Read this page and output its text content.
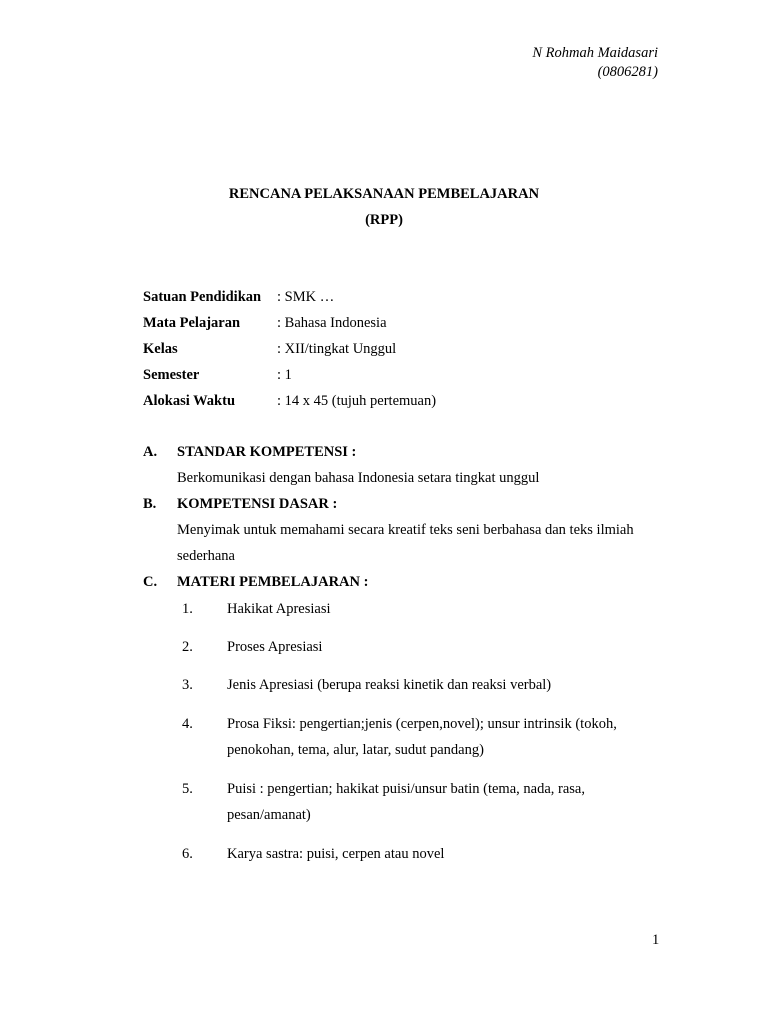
N Rohmah Maidasari
(0806281)
RENCANA PELAKSANAAN PEMBELAJARAN
(RPP)
Satuan Pendidikan : SMK …
Mata Pelajaran	: Bahasa Indonesia
Kelas	: XII/tingkat Unggul
Semester	: 1
Alokasi Waktu	: 14 x 45 (tujuh pertemuan)
A. STANDAR KOMPETENSI :
Berkomunikasi dengan bahasa Indonesia setara tingkat unggul
B. KOMPETENSI DASAR :
Menyimak untuk memahami secara kreatif teks seni berbahasa dan teks ilmiah
sederhana
C. MATERI PEMBELAJARAN :
1. Hakikat Apresiasi
2. Proses Apresiasi
3. Jenis Apresiasi (berupa reaksi kinetik dan reaksi verbal)
4. Prosa Fiksi: pengertian;jenis (cerpen,novel); unsur intrinsik (tokoh,
penokohan, tema, alur, latar, sudut pandang)
5. Puisi : pengertian; hakikat puisi/unsur batin (tema, nada, rasa,
pesan/amanat)
6. Karya sastra: puisi, cerpen atau novel
1
